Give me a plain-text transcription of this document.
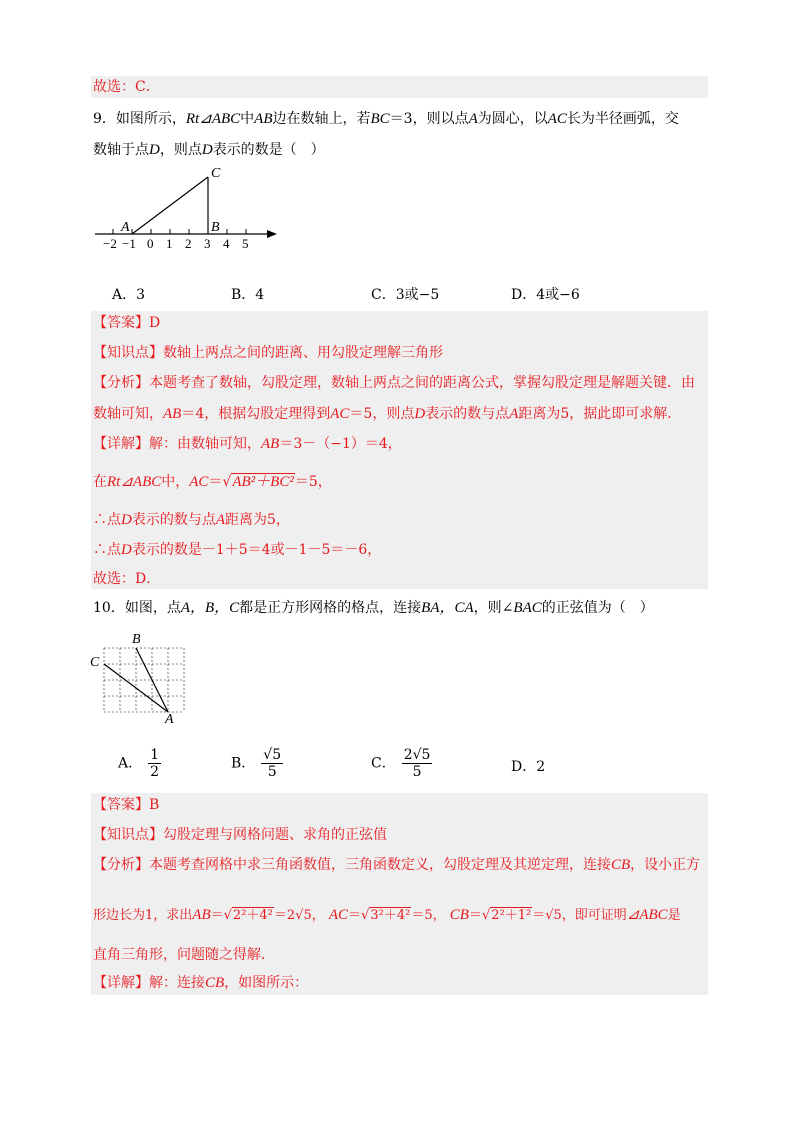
故选：C．
9．如图所示，Rt⊿ABC中AB边在数轴上，若BC＝3，则以点A为圆心，以AC长为半径画弧，交
数轴于点D，则点D表示的数是（　）
C
A	B
−2 −1 0 1 2 3 4 5
A．3	B．4	C．3或−5	D．4或−6
【答案】D
【知识点】数轴上两点之间的距离、用勾股定理解三角形
【分析】本题考查了数轴，勾股定理，数轴上两点之间的距离公式，掌握勾股定理是解题关键．由
数轴可知，AB＝4，根据勾股定理得到AC＝5，则点D表示的数与点A距离为5，据此即可求解．
【详解】解：由数轴可知，AB＝3－（−1）＝4，
在Rt⊿ABC中，AC＝√AB²＋BC²＝5，
∴点D表示的数与点A距离为5，
∴点D表示的数是－1＋5＝4或－1－5＝－6，
故选：D．
10．如图，点A，B，C都是正方形网格的格点，连接BA，CA，则∠BAC的正弦值为（　）
B
C
A
A． $\frac{1}{2}$	B． $\frac{√5}{5}$	C． $\frac{2√5}{5}$	D．2
【答案】B
【知识点】勾股定理与网格问题、求角的正弦值
【分析】本题考查网格中求三角函数值，三角函数定义，勾股定理及其逆定理，连接CB，设小正方
形边长为1，求出AB＝√2²＋4²＝2√5， AC＝√3²＋4²＝5， CB＝√2²＋1²＝√5，即可证明⊿ABC是
直角三角形，问题随之得解．
【详解】解：连接CB，如图所示：
